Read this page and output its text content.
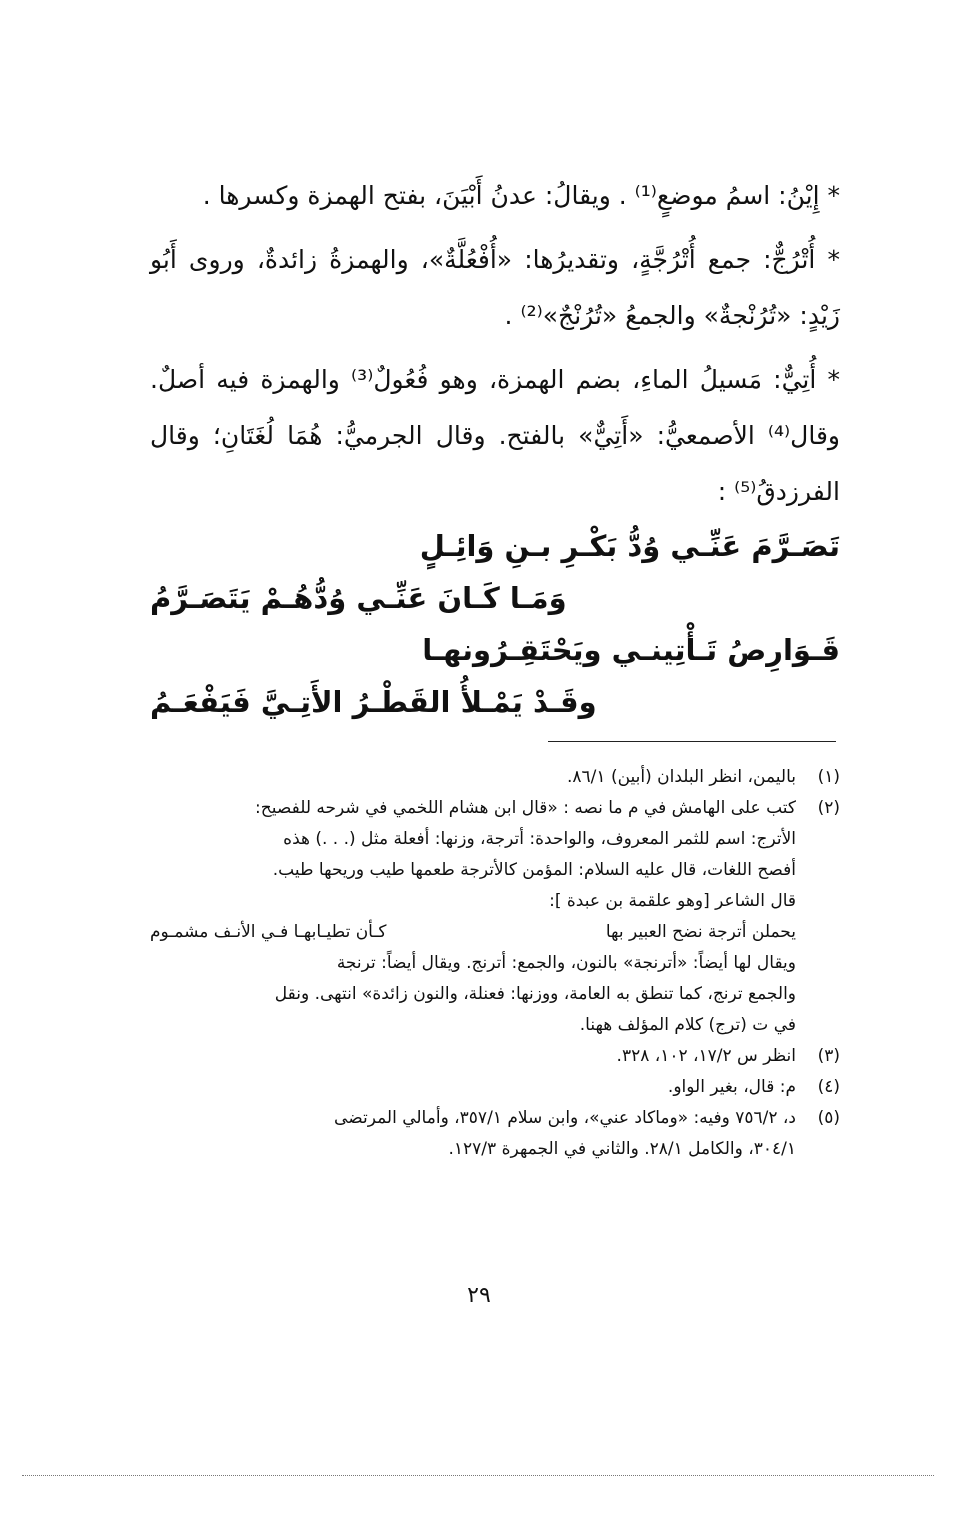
* إِيْنُ: اسمُ موضعٍ⁽¹⁾ . ويقالُ: عدنُ أَبْيَنَ، بفتح الهمزة وكسرها .

* أُتْرُجٌّ: جمع أُتْرُجَّةٍ، وتقديرُها: «أُفْعُلَّةٌ»، والهمزةُ زائدةٌ، وروى أَبُو زَيْدٍ: «تُرُنْجةٌ» والجمعُ «تُرُنْجٌ»⁽²⁾ .

* أُتِيٌّ: مَسيلُ الماءِ، بضم الهمزة، وهو فُعُولٌ⁽³⁾ والهمزة فيه أصلٌ. وقال⁽⁴⁾ الأصمعيُّ: «أَتِيٌّ» بالفتح. وقال الجرميُّ: هُمَا لُغَتَانِ؛ وقال الفرزدقُ⁽⁵⁾ :

تَصَـرَّمَ عَنِّـي وُدُّ بَكْـرِ بـنِ وَائِـلٍ
وَمَـا كَـانَ عَنِّـي وُدُّهُـمْ يَتَصَـرَّمُ
قَـوَارِصُ تَـأْتِينـي ويَحْتَقِـرُونهـا
وقَـدْ يَمْـلأُ القَطْـرُ الأَتِـيَّ فَيَفْعَـمُ
(١)
باليمن، انظر البلدان (أبين) ٨٦/١.
(٢)
كتب على الهامش في م ما نصه : «قال ابن هشام اللخمي في شرحه للفصيح:
الأترج: اسم للثمر المعروف، والواحدة: أترجة، وزنها: أفعلة مثل (. . .) هذه
أفصح اللغات، قال عليه السلام: المؤمن كالأترجة طعمها طيب وريحها طيب.
قال الشاعر [وهو علقمة بن عبدة ]:
يحملن أترجة نضح العبير بها
كـأن تطيـابهـا فـي الأنـف مشمـوم
ويقال لها أيضاً: «أترنجة» بالنون، والجمع: أترنج. ويقال أيضاً: ترنجة
والجمع ترنج، كما تنطق به العامة، ووزنها: فعنلة، والنون زائدة» انتهى. ونقل
في ت (ترج) كلام المؤلف ههنا.
(٣)
انظر س ١٧/٢، ١٠٢، ٣٢٨.
(٤)
م: قال، بغير الواو.
(٥)
د، ٧٥٦/٢ وفيه: «وماكاد عني»، وابن سلام ٣٥٧/١، وأمالي المرتضى
٣٠٤/١، والكامل ٢٨/١. والثاني في الجمهرة ١٢٧/٣.
٢٩
